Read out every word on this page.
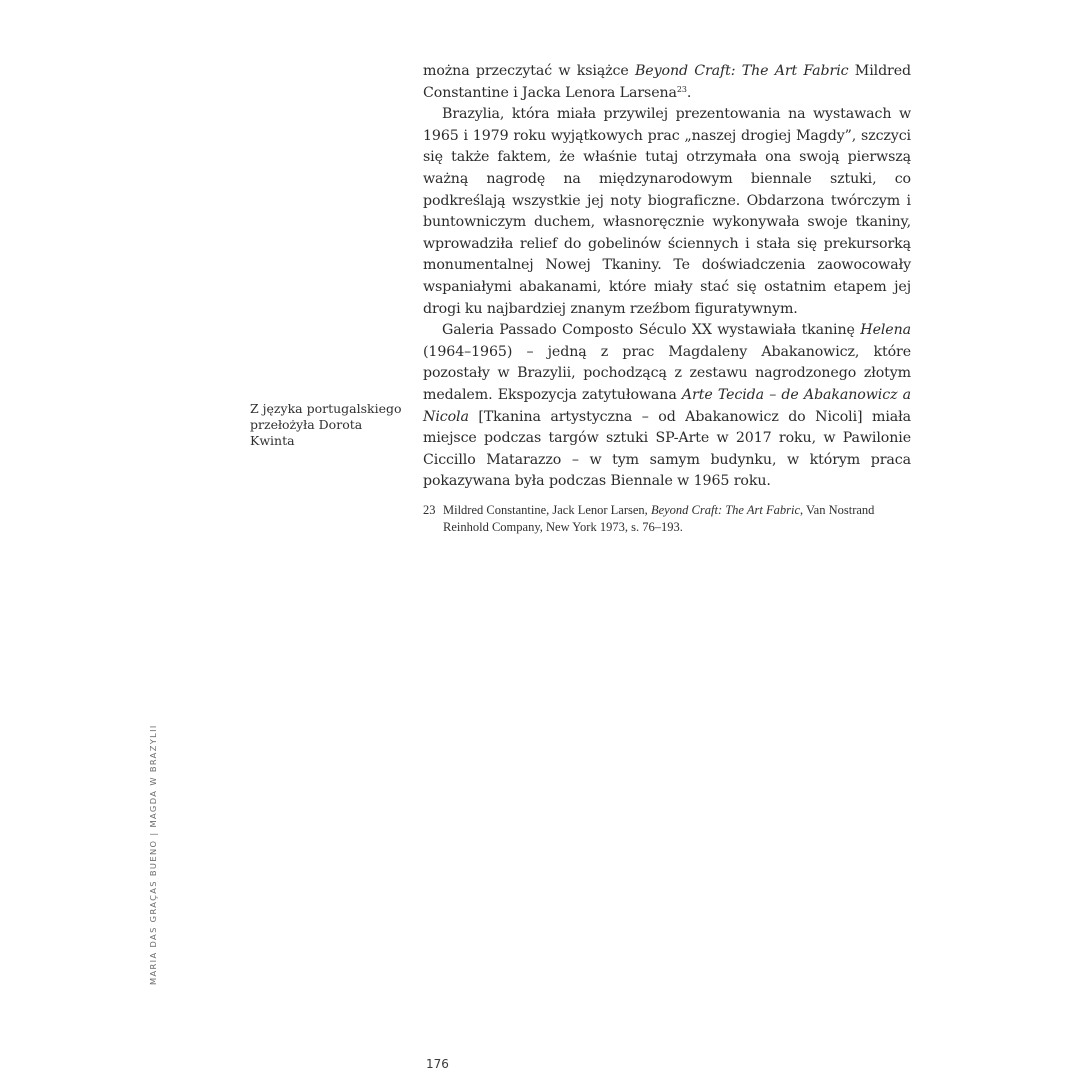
można przeczytać w książce Beyond Craft: The Art Fabric Mildred Constantine i Jacka Lenora Larsena$^{23}$.

Brazylia, która miała przywilej prezentowania na wystawach w 1965 i 1979 roku wyjątkowych prac „naszej drogiej Magdy”, szczyci się także faktem, że właśnie tutaj otrzymała ona swoją pierwszą ważną nagrodę na międzynarodowym biennale sztuki, co podkreślają wszystkie jej noty biograficzne. Obdarzona twórczym i buntowniczym duchem, własnoręcznie wykonywała swoje tkaniny, wprowadziła relief do gobelinów ściennych i stała się prekursorką monumentalnej Nowej Tkaniny. Te doświadczenia zaowocowały wspaniałymi abakanami, które miały stać się ostatnim etapem jej drogi ku najbardziej znanym rzeźbom figuratywnym.

Galeria Passado Composto Século XX wystawiała tkaninę Helena (1964–1965) – jedną z prac Magdaleny Abakanowicz, które pozostały w Brazylii, pochodzącą z zestawu nagrodzonego złotym medalem. Ekspozycja zatytułowana Arte Tecida – de Abakanowicz a Nicola [Tkanina artystyczna – od Abakanowicz do Nicoli] miała miejsce podczas targów sztuki SP-Arte w 2017 roku, w Pawilonie Ciccillo Matarazzo – w tym samym budynku, w którym praca pokazywana była podczas Biennale w 1965 roku.

Z języka portugalskiego przełożyła Dorota Kwinta
23 Mildred Constantine, Jack Lenor Larsen, Beyond Craft: The Art Fabric, Van Nostrand Reinhold Company, New York 1973, s. 76–193.
MARIA DAS GRAÇAS BUENO|MAGDA W BRAZYLII
176
